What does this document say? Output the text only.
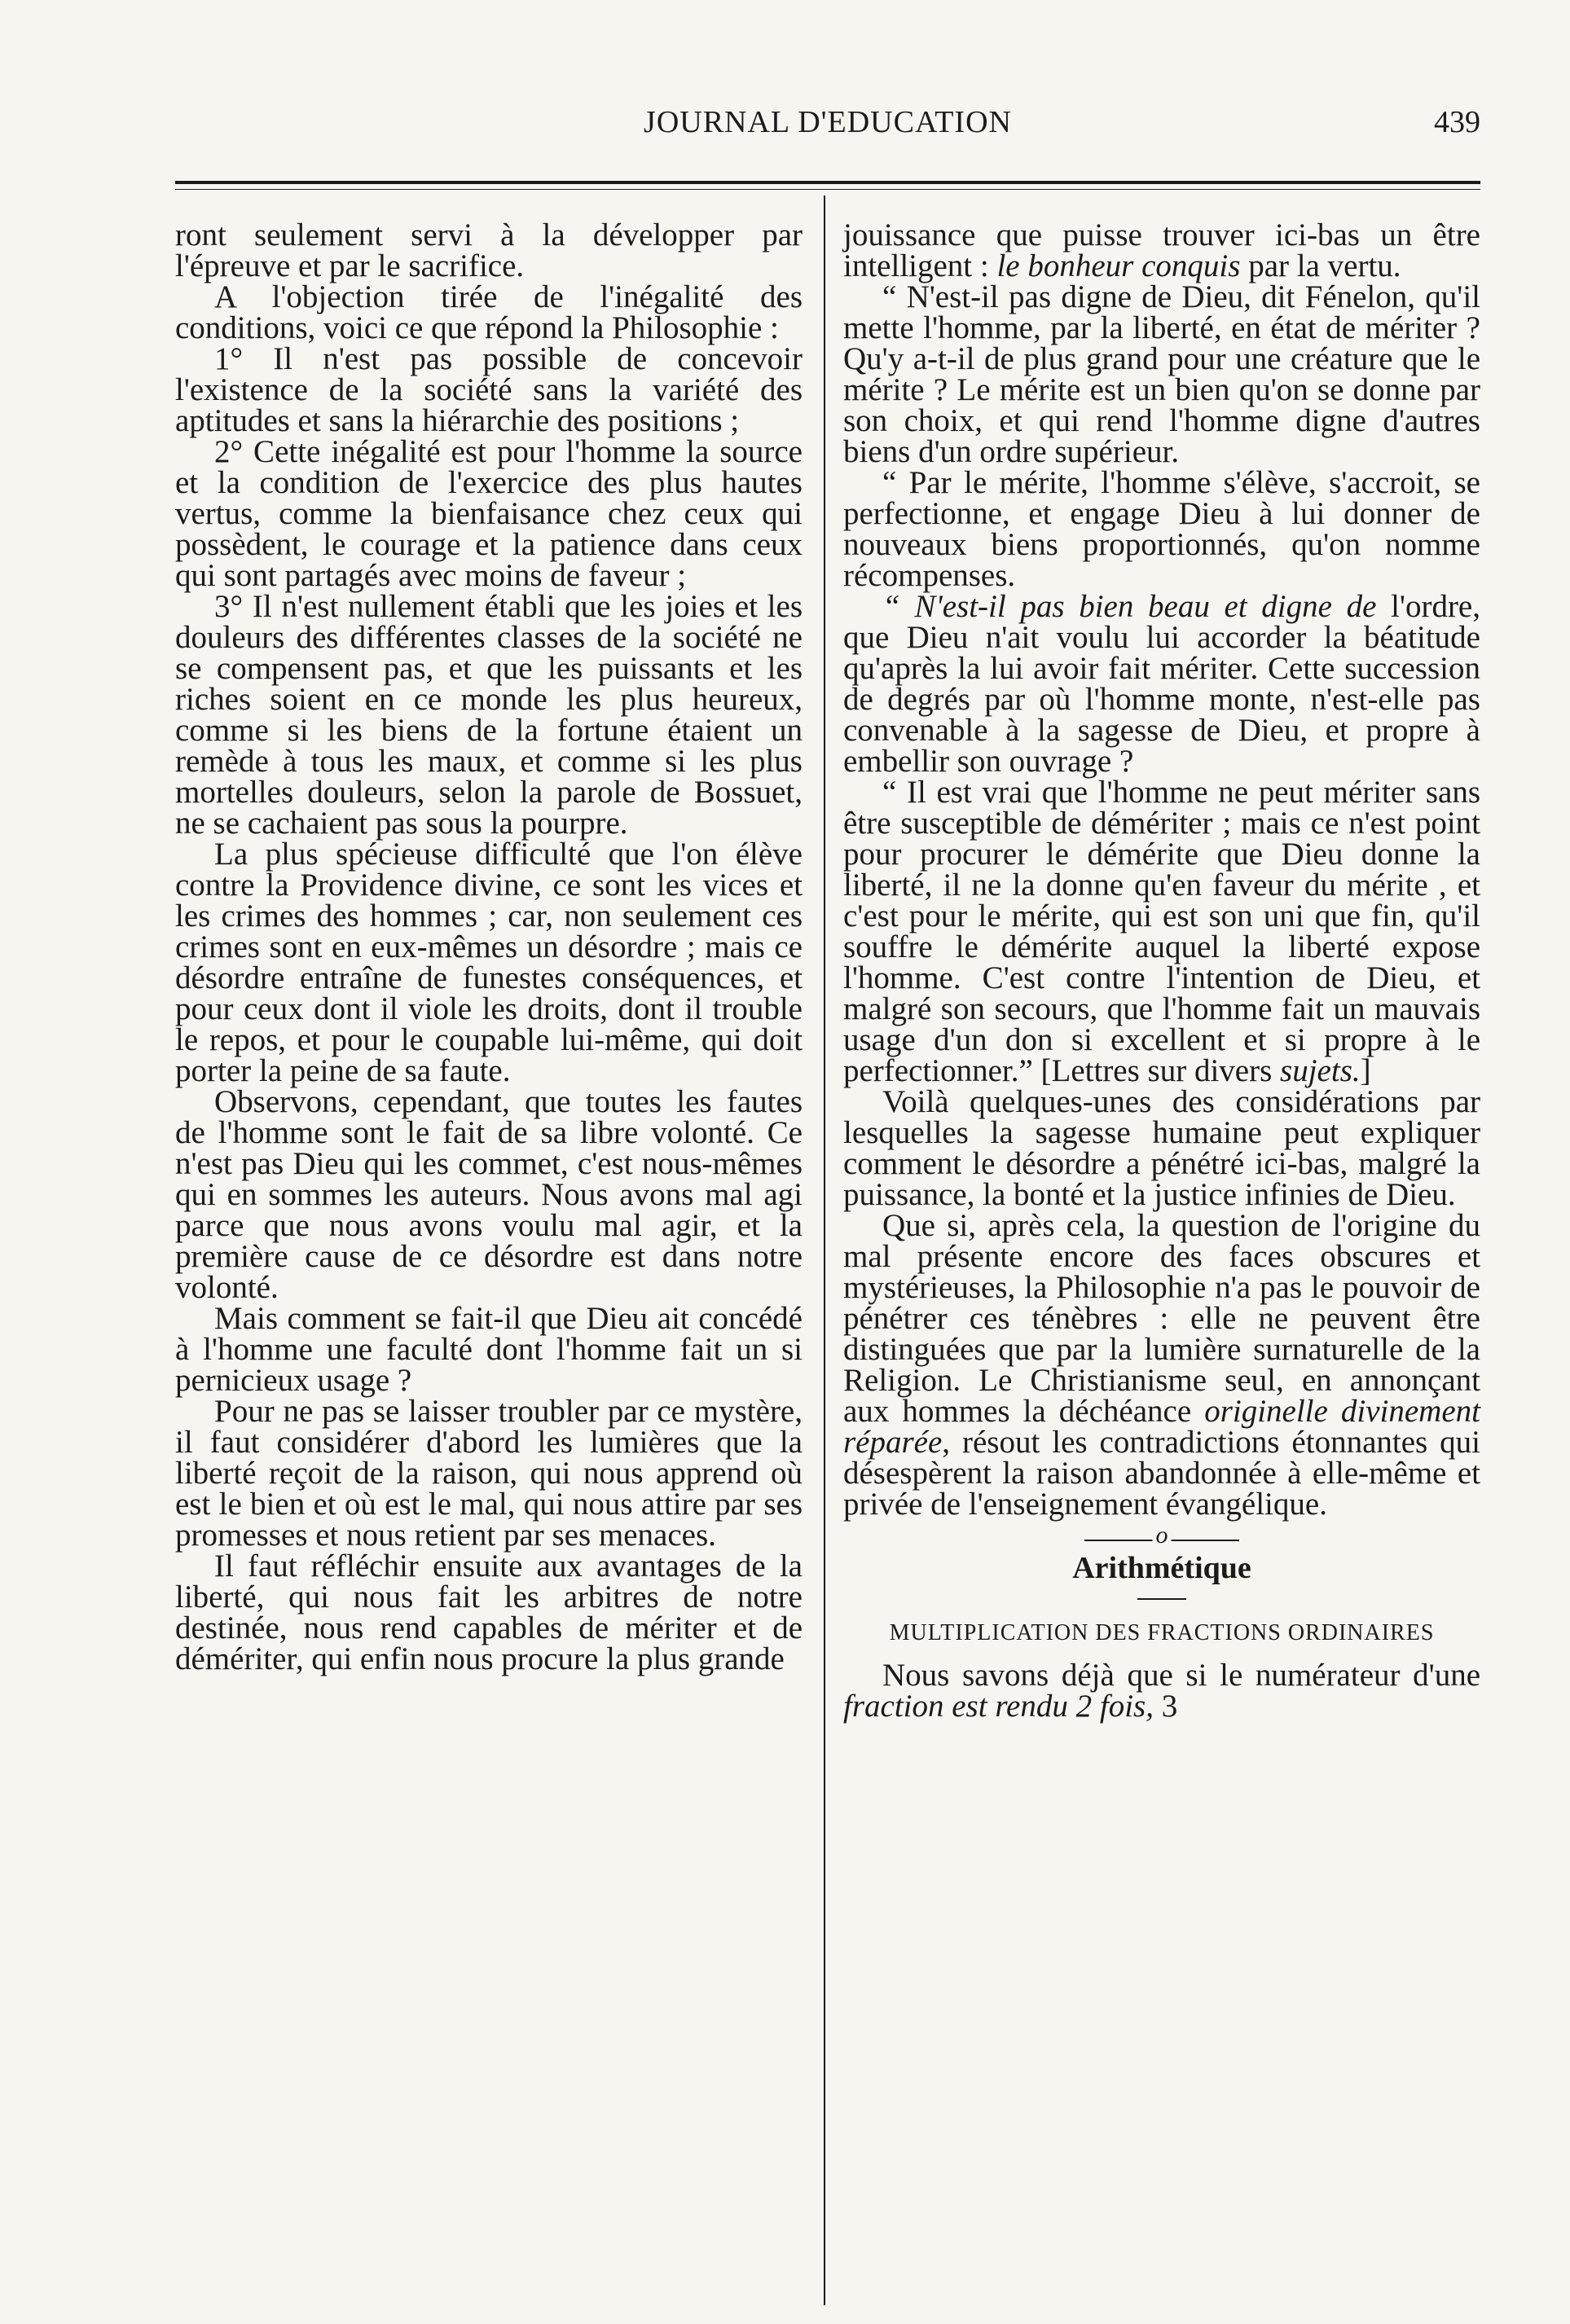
JOURNAL D'EDUCATION	439

ront seulement servi à la développer par l'épreuve et par le sacrifice.

A l'objection tirée de l'inégalité des conditions, voici ce que répond la Philosophie :

1° Il n'est pas possible de concevoir l'existence de la société sans la variété des aptitudes et sans la hiérarchie des positions ;

2° Cette inégalité est pour l'homme la source et la condition de l'exercice des plus hautes vertus, comme la bienfaisance chez ceux qui possèdent, le courage et la patience dans ceux qui sont partagés avec moins de faveur ;

3° Il n'est nullement établi que les joies et les douleurs des différentes classes de la société ne se compensent pas, et que les puissants et les riches soient en ce monde les plus heureux, comme si les biens de la fortune étaient un remède à tous les maux, et comme si les plus mortelles douleurs, selon la parole de Bossuet, ne se cachaient pas sous la pourpre.

La plus spécieuse difficulté que l'on élève contre la Providence divine, ce sont les vices et les crimes des hommes ; car, non seulement ces crimes sont en eux-mêmes un désordre ; mais ce désordre entraîne de funestes conséquences, et pour ceux dont il viole les droits, dont il trouble le repos, et pour le coupable lui-même, qui doit porter la peine de sa faute.

Observons, cependant, que toutes les fautes de l'homme sont le fait de sa libre volonté. Ce n'est pas Dieu qui les commet, c'est nous-mêmes qui en sommes les auteurs. Nous avons mal agi parce que nous avons voulu mal agir, et la première cause de ce désordre est dans notre volonté.

Mais comment se fait-il que Dieu ait concédé à l'homme une faculté dont l'homme fait un si pernicieux usage ?

Pour ne pas se laisser troubler par ce mystère, il faut considérer d'abord les lumières que la liberté reçoit de la raison, qui nous apprend où est le bien et où est le mal, qui nous attire par ses promesses et nous retient par ses menaces.

Il faut réfléchir ensuite aux avantages de la liberté, qui nous fait les arbitres de notre destinée, nous rend capables de mériter et de démériter, qui enfin nous procure la plus grande

jouissance que puisse trouver ici-bas un être intelligent : le bonheur conquis par la vertu.

“ N'est-il pas digne de Dieu, dit Fénelon, qu'il mette l'homme, par la liberté, en état de mériter ? Qu'y a-t-il de plus grand pour une créature que le mérite ? Le mérite est un bien qu'on se donne par son choix, et qui rend l'homme digne d'autres biens d'un ordre supérieur.

“ Par le mérite, l'homme s'élève, s'accroit, se perfectionne, et engage Dieu à lui donner de nouveaux biens proportionnés, qu'on nomme récompenses.

“ N'est-il pas bien beau et digne de l'ordre, que Dieu n'ait voulu lui accorder la béatitude qu'après la lui avoir fait mériter. Cette succession de degrés par où l'homme monte, n'est-elle pas convenable à la sagesse de Dieu, et propre à embellir son ouvrage ?

“ Il est vrai que l'homme ne peut mériter sans être susceptible de démériter ; mais ce n'est point pour procurer le démérite que Dieu donne la liberté, il ne la donne qu'en faveur du mérite , et c'est pour le mérite, qui est son uni que fin, qu'il souffre le démérite auquel la liberté expose l'homme. C'est contre l'intention de Dieu, et malgré son secours, que l'homme fait un mauvais usage d'un don si excellent et si propre à le perfectionner.” [Lettres sur divers sujets.]

Voilà quelques-unes des considérations par lesquelles la sagesse humaine peut expliquer comment le désordre a pénétré ici-bas, malgré la puissance, la bonté et la justice infinies de Dieu.

Que si, après cela, la question de l'origine du mal présente encore des faces obscures et mystérieuses, la Philosophie n'a pas le pouvoir de pénétrer ces ténèbres : elle ne peuvent être distinguées que par la lumière surnaturelle de la Religion. Le Christianisme seul, en annonçant aux hommes la déchéance originelle divinement réparée, résout les contradictions étonnantes qui désespèrent la raison abandonnée à elle-même et privée de l'enseignement évangélique.

o
Arithmétique
MULTIPLICATION DES FRACTIONS ORDINAIRES

Nous savons déjà que si le numérateur d'une fraction est rendu 2 fois, 3
